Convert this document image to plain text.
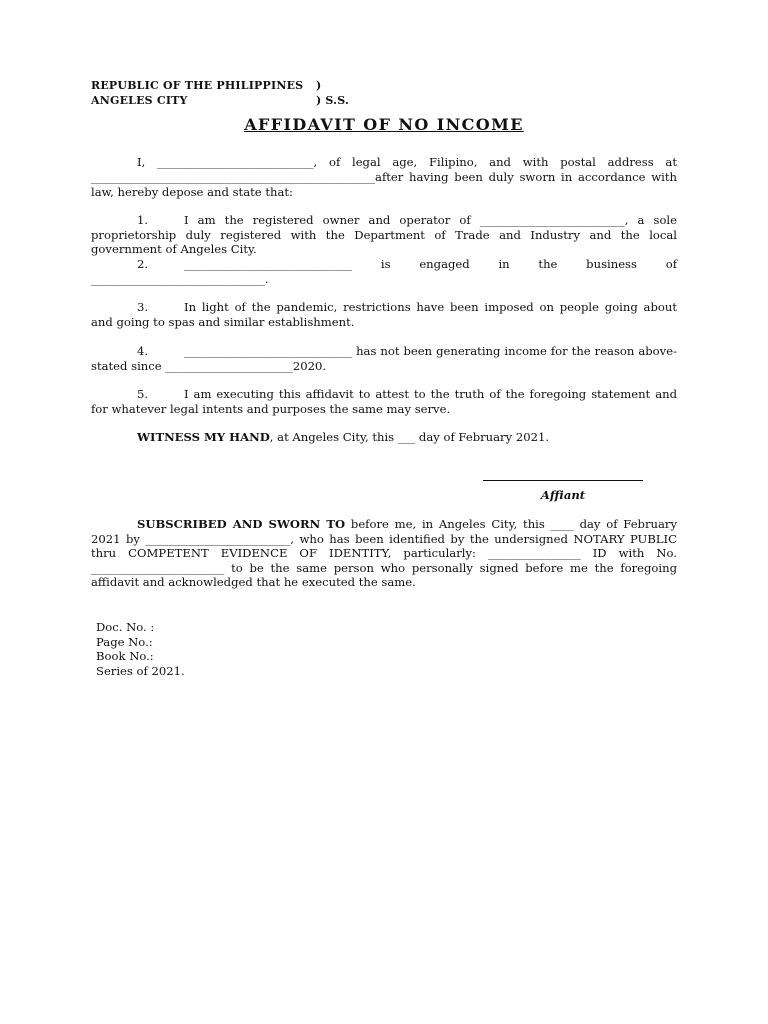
REPUBLIC OF THE PHILIPPINES	)
ANGELES CITY	) S.S.
AFFIDAVIT OF NO INCOME
I, ___________________________, of legal age, Filipino, and with postal address at _________________________________________________after having been duly sworn in accordance with law, hereby depose and state that:
1.	I am the registered owner and operator of _________________________, a sole proprietorship duly registered with the Department of Trade and Industry and the local government of Angeles City.
2.	_____________________________ is engaged in the business of ______________________________.
3.	In light of the pandemic, restrictions have been imposed on people going about and going to spas and similar establishment.
4.	_____________________________ has not been generating income for the reason above-stated since ______________________2020.
5.	I am executing this affidavit to attest to the truth of the foregoing statement and for whatever legal intents and purposes the same may serve.
WITNESS MY HAND, at Angeles City, this ___ day of February 2021.
Affiant
SUBSCRIBED AND SWORN TO before me, in Angeles City, this ____ day of February 2021 by _________________________, who has been identified by the undersigned NOTARY PUBLIC thru COMPETENT EVIDENCE OF IDENTITY, particularly: ________________ ID with No. _______________________ to be the same person who personally signed before me the foregoing affidavit and acknowledged that he executed the same.
Doc. No. :
Page No.:
Book No.:
Series of 2021.
